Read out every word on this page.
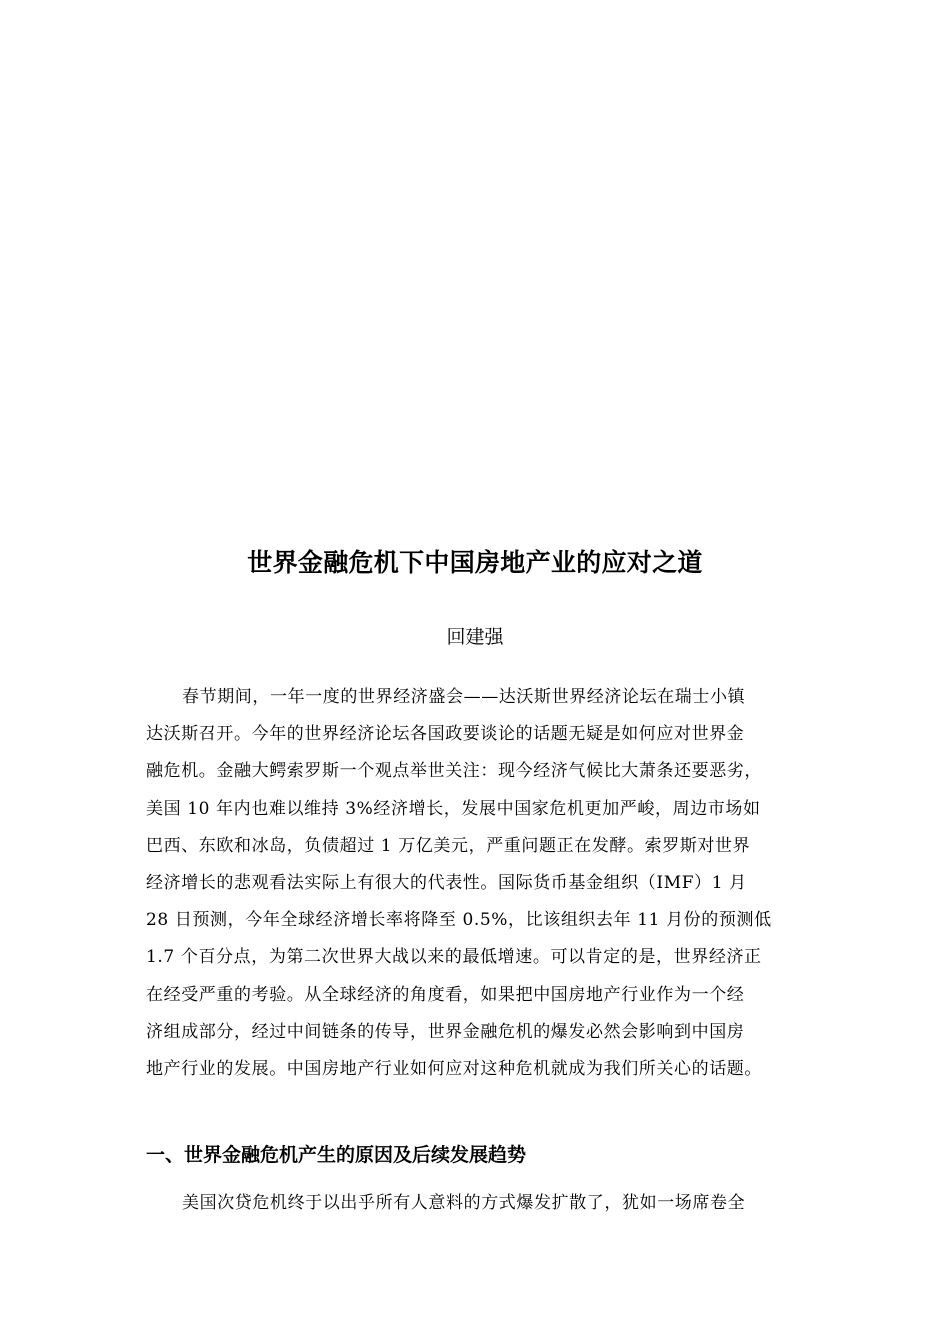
世界金融危机下中国房地产业的应对之道
回建强
春节期间，一年一度的世界经济盛会——达沃斯世界经济论坛在瑞士小镇
达沃斯召开。今年的世界经济论坛各国政要谈论的话题无疑是如何应对世界金
融危机。金融大鳄索罗斯一个观点举世关注：现今经济气候比大萧条还要恶劣，
美国 10 年内也难以维持 3%经济增长，发展中国家危机更加严峻，周边市场如
巴西、东欧和冰岛，负债超过 1 万亿美元，严重问题正在发酵。索罗斯对世界
经济增长的悲观看法实际上有很大的代表性。国际货币基金组织（IMF）1 月
28 日预测，今年全球经济增长率将降至 0.5%，比该组织去年 11 月份的预测低
1.7 个百分点，为第二次世界大战以来的最低增速。可以肯定的是，世界经济正
在经受严重的考验。从全球经济的角度看，如果把中国房地产行业作为一个经
济组成部分，经过中间链条的传导，世界金融危机的爆发必然会影响到中国房
地产行业的发展。中国房地产行业如何应对这种危机就成为我们所关心的话题。
一、世界金融危机产生的原因及后续发展趋势
美国次贷危机终于以出乎所有人意料的方式爆发扩散了，犹如一场席卷全
